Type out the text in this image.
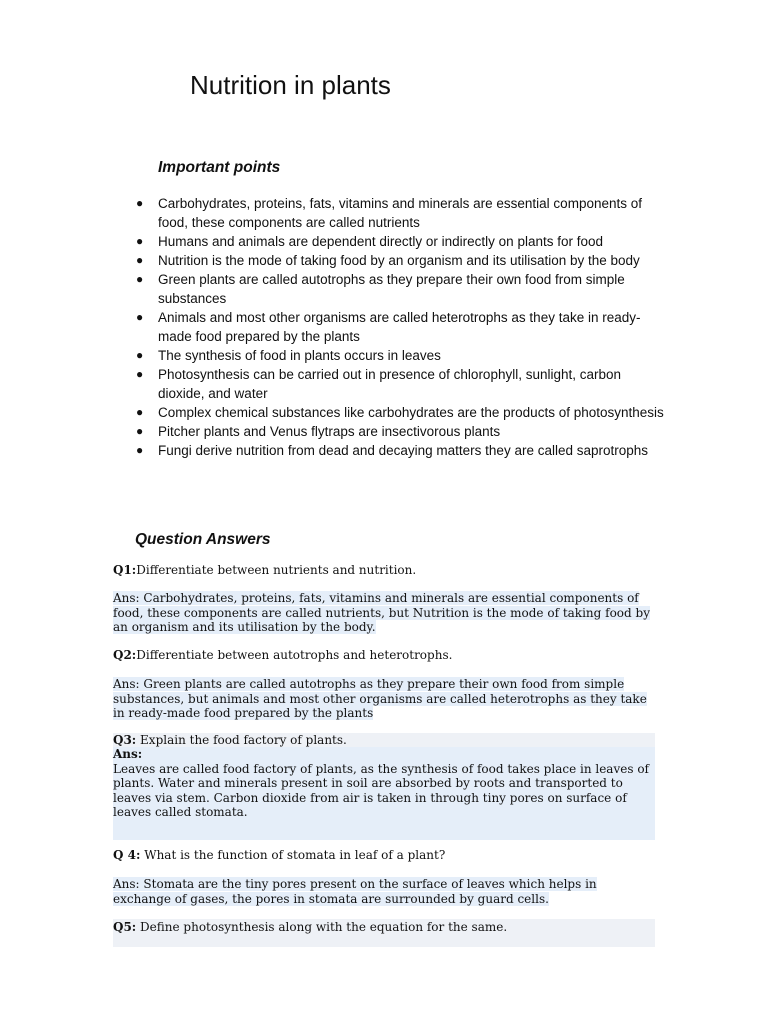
Nutrition in plants
Important points
● Carbohydrates, proteins, fats, vitamins and minerals are essential components of food, these components are called nutrients
● Humans and animals are dependent directly or indirectly on plants for food
● Nutrition is the mode of taking food by an organism and its utilisation by the body
● Green plants are called autotrophs as they prepare their own food from simple substances
● Animals and most other organisms are called heterotrophs as they take in ready-made food prepared by the plants
● The synthesis of food in plants occurs in leaves
● Photosynthesis can be carried out in presence of chlorophyll, sunlight, carbon dioxide, and water
● Complex chemical substances like carbohydrates are the products of photosynthesis
● Pitcher plants and Venus flytraps are insectivorous plants
● Fungi derive nutrition from dead and decaying matters they are called saprotrophs
Question Answers
Q1:Differentiate between nutrients and nutrition.
Ans: Carbohydrates, proteins, fats, vitamins and minerals are essential components of food, these components are called nutrients, but Nutrition is the mode of taking food by an organism and its utilisation by the body.
Q2:Differentiate between autotrophs and heterotrophs.
Ans: Green plants are called autotrophs as they prepare their own food from simple substances, but animals and most other organisms are called heterotrophs as they take in ready-made food prepared by the plants
Q3: Explain the food factory of plants.
Ans:
Leaves are called food factory of plants, as the synthesis of food takes place in leaves of plants. Water and minerals present in soil are absorbed by roots and transported to leaves via stem. Carbon dioxide from air is taken in through tiny pores on surface of leaves called stomata.
Q 4: What is the function of stomata in leaf of a plant?
Ans: Stomata are the tiny pores present on the surface of leaves which helps in exchange of gases, the pores in stomata are surrounded by guard cells.
Q5: Define photosynthesis along with the equation for the same.
